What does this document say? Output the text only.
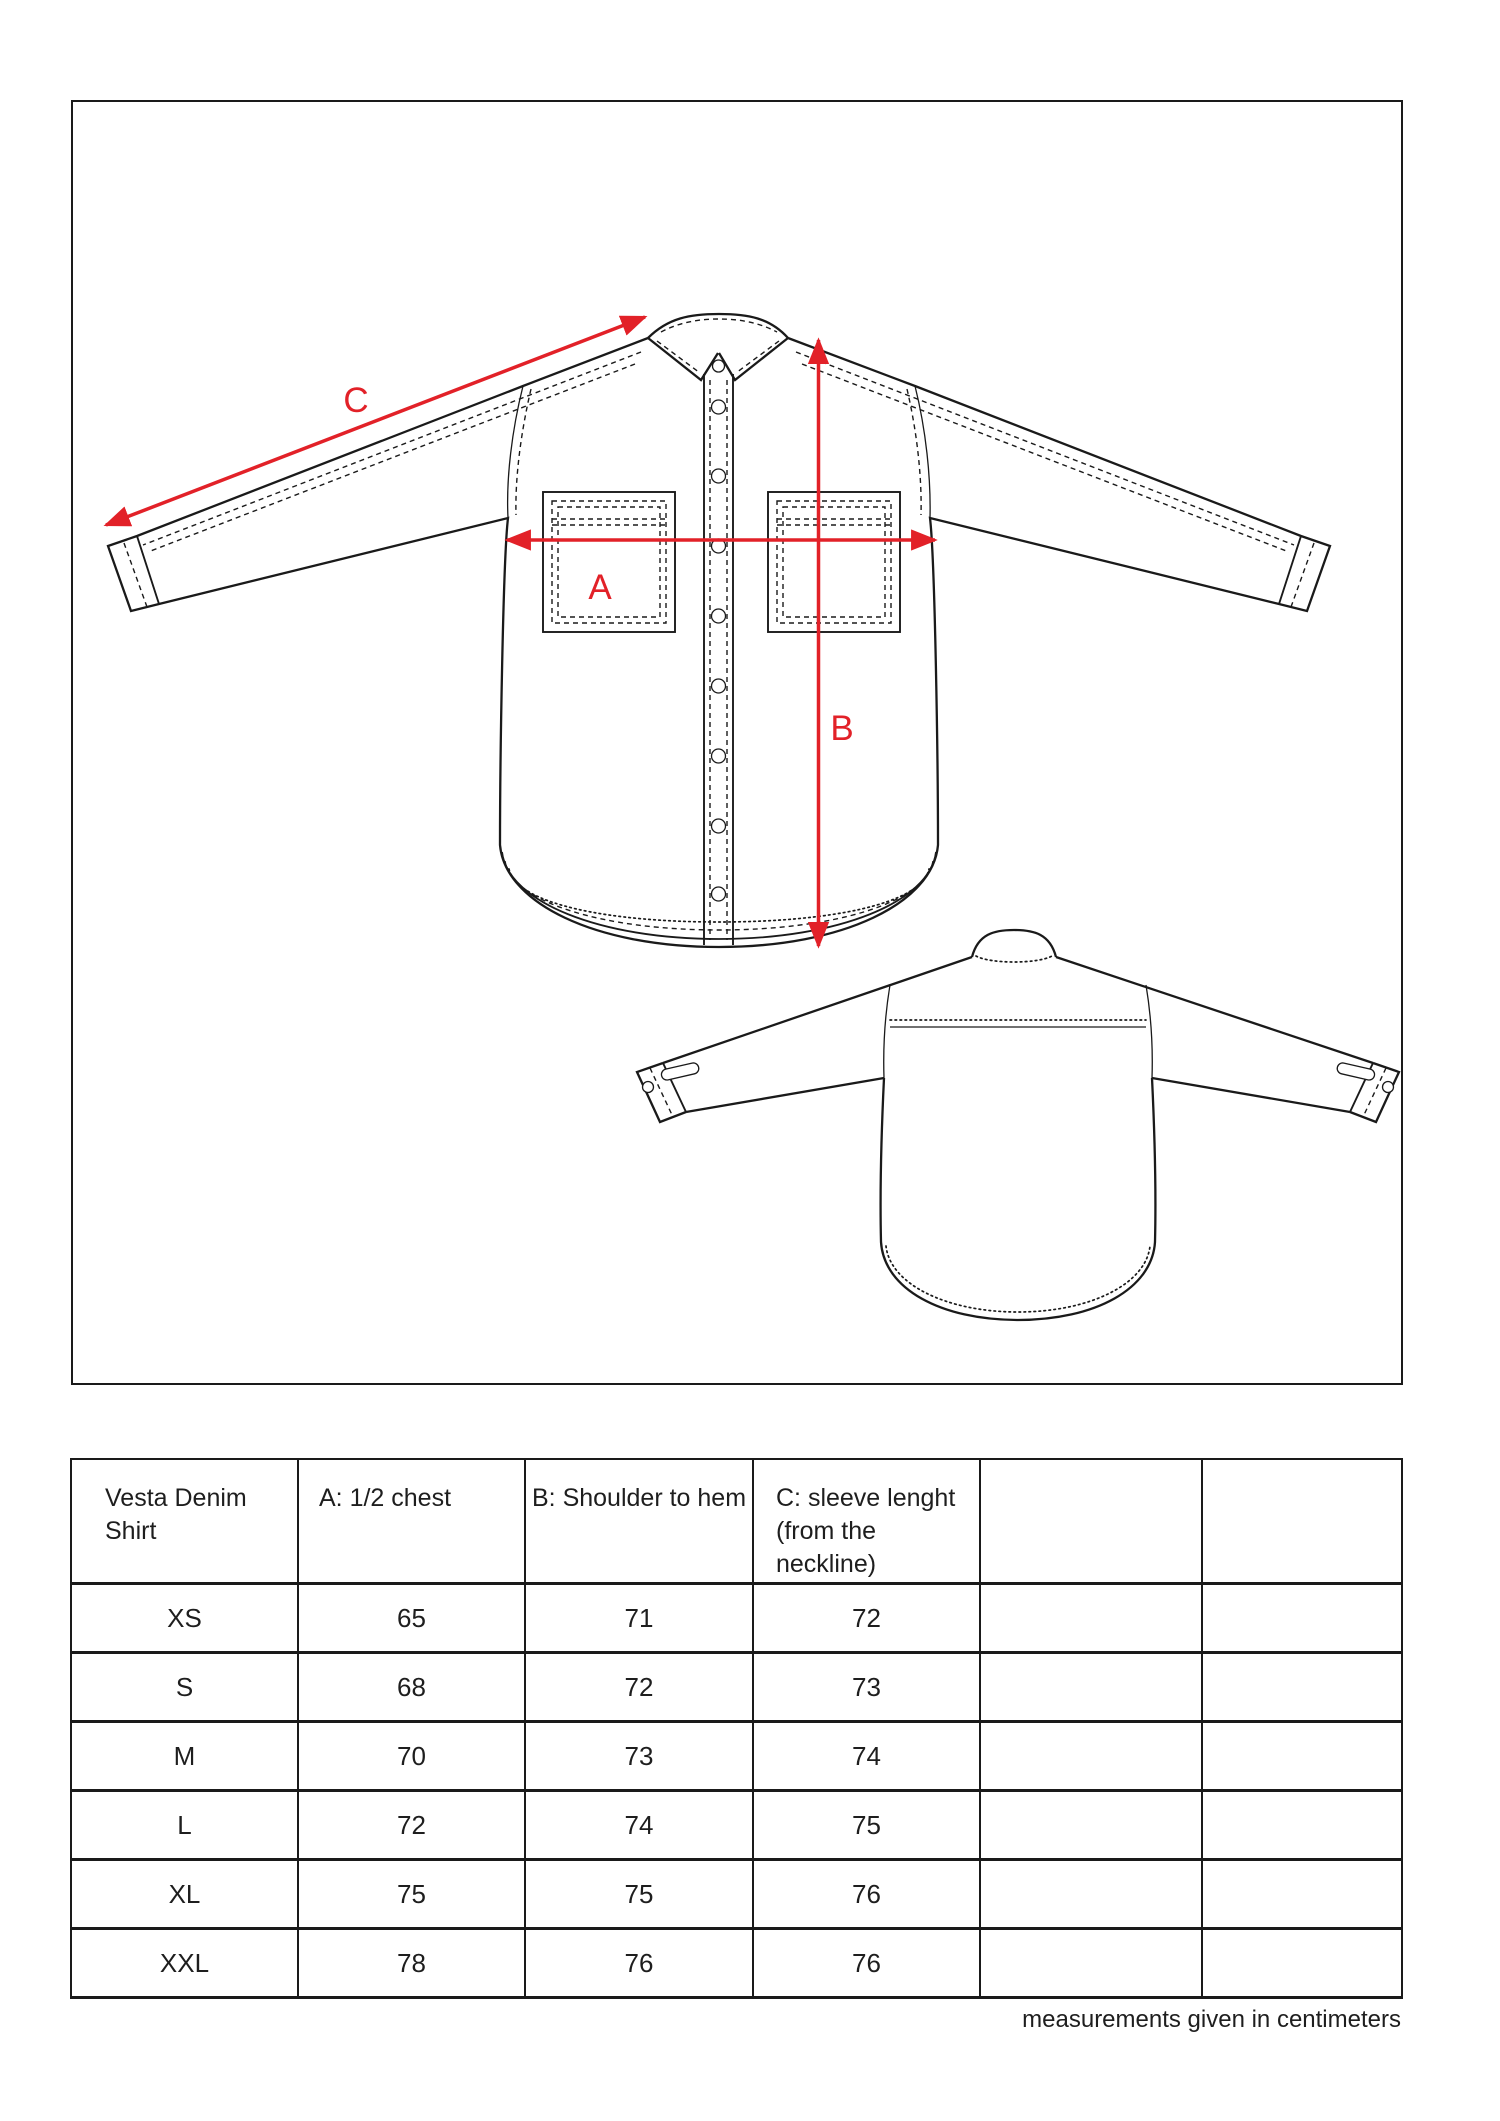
C
A
B
Vesta Denim Shirt	A: 1/2 chest	B: Shoulder to hem	C: sleeve lenght (from the neckline)		
XS	65	71	72		
S	68	72	73		
M	70	73	74		
L	72	74	75		
XL	75	75	76		
XXL	78	76	76		
measurements given in centimeters
